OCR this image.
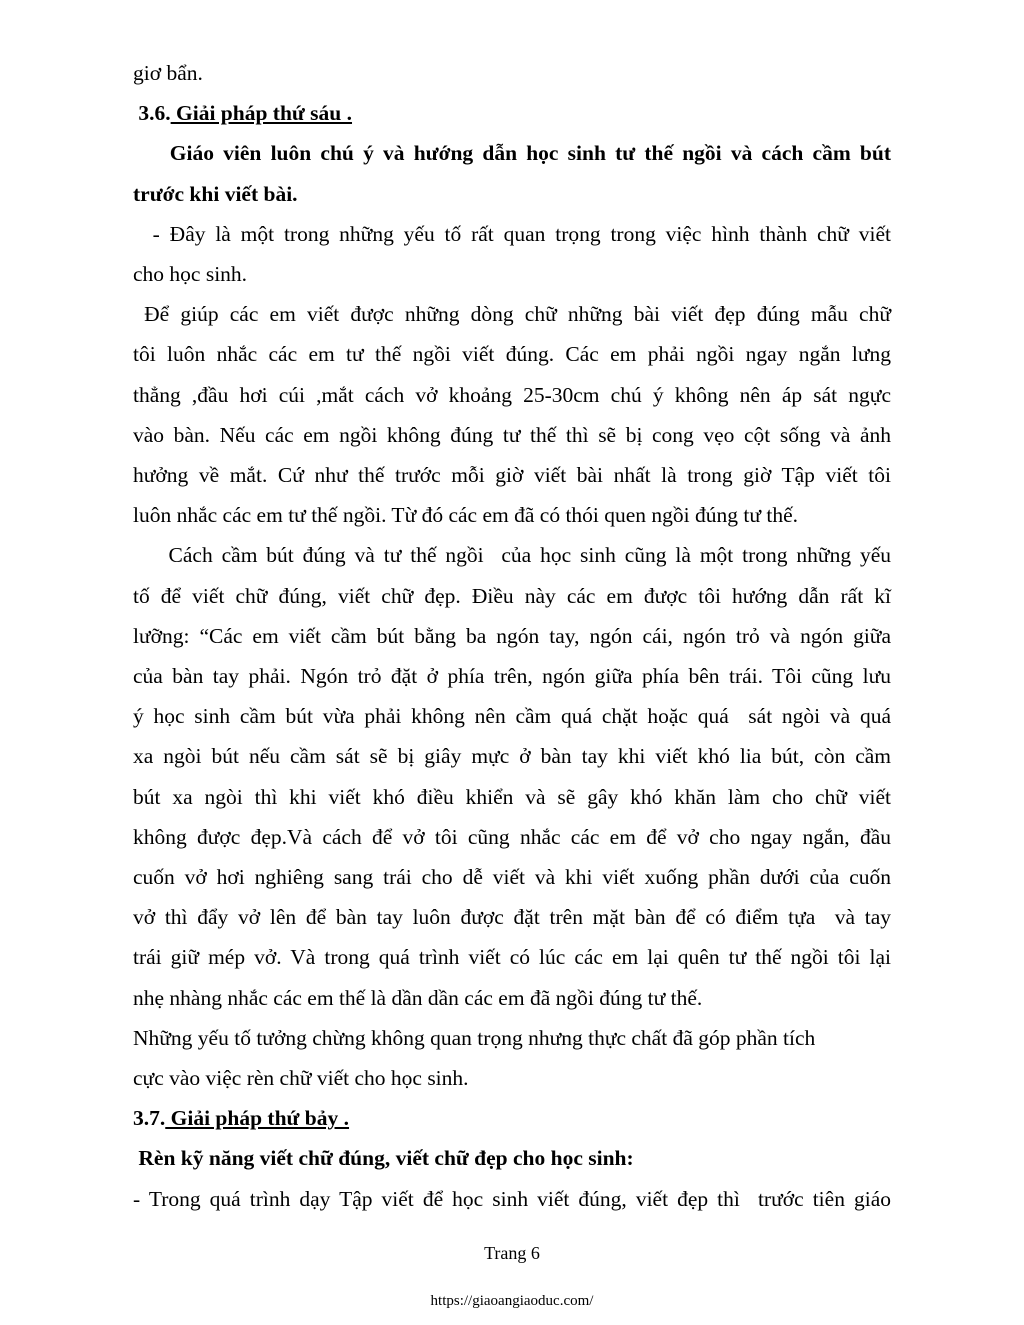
giơ bẩn.
3.6. Giải pháp thứ sáu .
Giáo viên luôn chú ý và hướng dẫn học sinh tư thế ngồi và cách cầm bút
trước khi viết bài.
- Đây là một trong những yếu tố rất quan trọng trong việc hình thành chữ viết
cho học sinh.
Để giúp các em viết được những dòng chữ những bài viết đẹp đúng mẫu chữ
tôi luôn nhắc các em tư thế ngồi viết đúng. Các em phải ngồi ngay ngắn lưng
thẳng ,đầu hơi cúi ,mắt cách vở khoảng 25-30cm chú ý không nên áp sát ngực
vào bàn. Nếu các em ngồi không đúng tư thế thì sẽ bị cong vẹo cột sống và ảnh
hưởng về mắt. Cứ như thế trước mỗi giờ viết bài nhất là trong giờ Tập viết tôi
luôn nhắc các em tư thế ngồi. Từ đó các em đã có thói quen ngồi đúng tư thế.
Cách cầm bút đúng và tư thế ngồi  của học sinh cũng là một trong những yếu
tố để viết chữ đúng, viết chữ đẹp. Điều này các em được tôi hướng dẫn rất kĩ
lưỡng: “Các em viết cầm bút bằng ba ngón tay, ngón cái, ngón trỏ và ngón giữa
của bàn tay phải. Ngón trỏ đặt ở phía trên, ngón giữa phía bên trái. Tôi cũng lưu
ý học sinh cầm bút vừa phải không nên cầm quá chặt hoặc quá  sát ngòi và quá
xa ngòi bút nếu cầm sát sẽ bị giây mực ở bàn tay khi viết khó lia bút, còn cầm
bút xa ngòi thì khi viết khó điều khiển và sẽ gây khó khăn làm cho chữ viết
không được đẹp.Và cách để vở tôi cũng nhắc các em để vở cho ngay ngắn, đầu
cuốn vở hơi nghiêng sang trái cho dễ viết và khi viết xuống phần dưới của cuốn
vở thì đẩy vở lên để bàn tay luôn được đặt trên mặt bàn để có điểm tựa  và tay
trái giữ mép vở. Và trong quá trình viết có lúc các em lại quên tư thế ngồi tôi lại
nhẹ nhàng nhắc các em thế là dần dần các em đã ngồi đúng tư thế.
Những yếu tố tưởng chừng không quan trọng nhưng thực chất đã góp phần tích
cực vào việc rèn chữ viết cho học sinh.
3.7. Giải pháp thứ bảy .
Rèn kỹ năng viết chữ đúng, viết chữ đẹp cho học sinh:
- Trong quá trình dạy Tập viết để học sinh viết đúng, viết đẹp thì  trước tiên giáo
Trang 6
https://giaoangiaoduc.com/
